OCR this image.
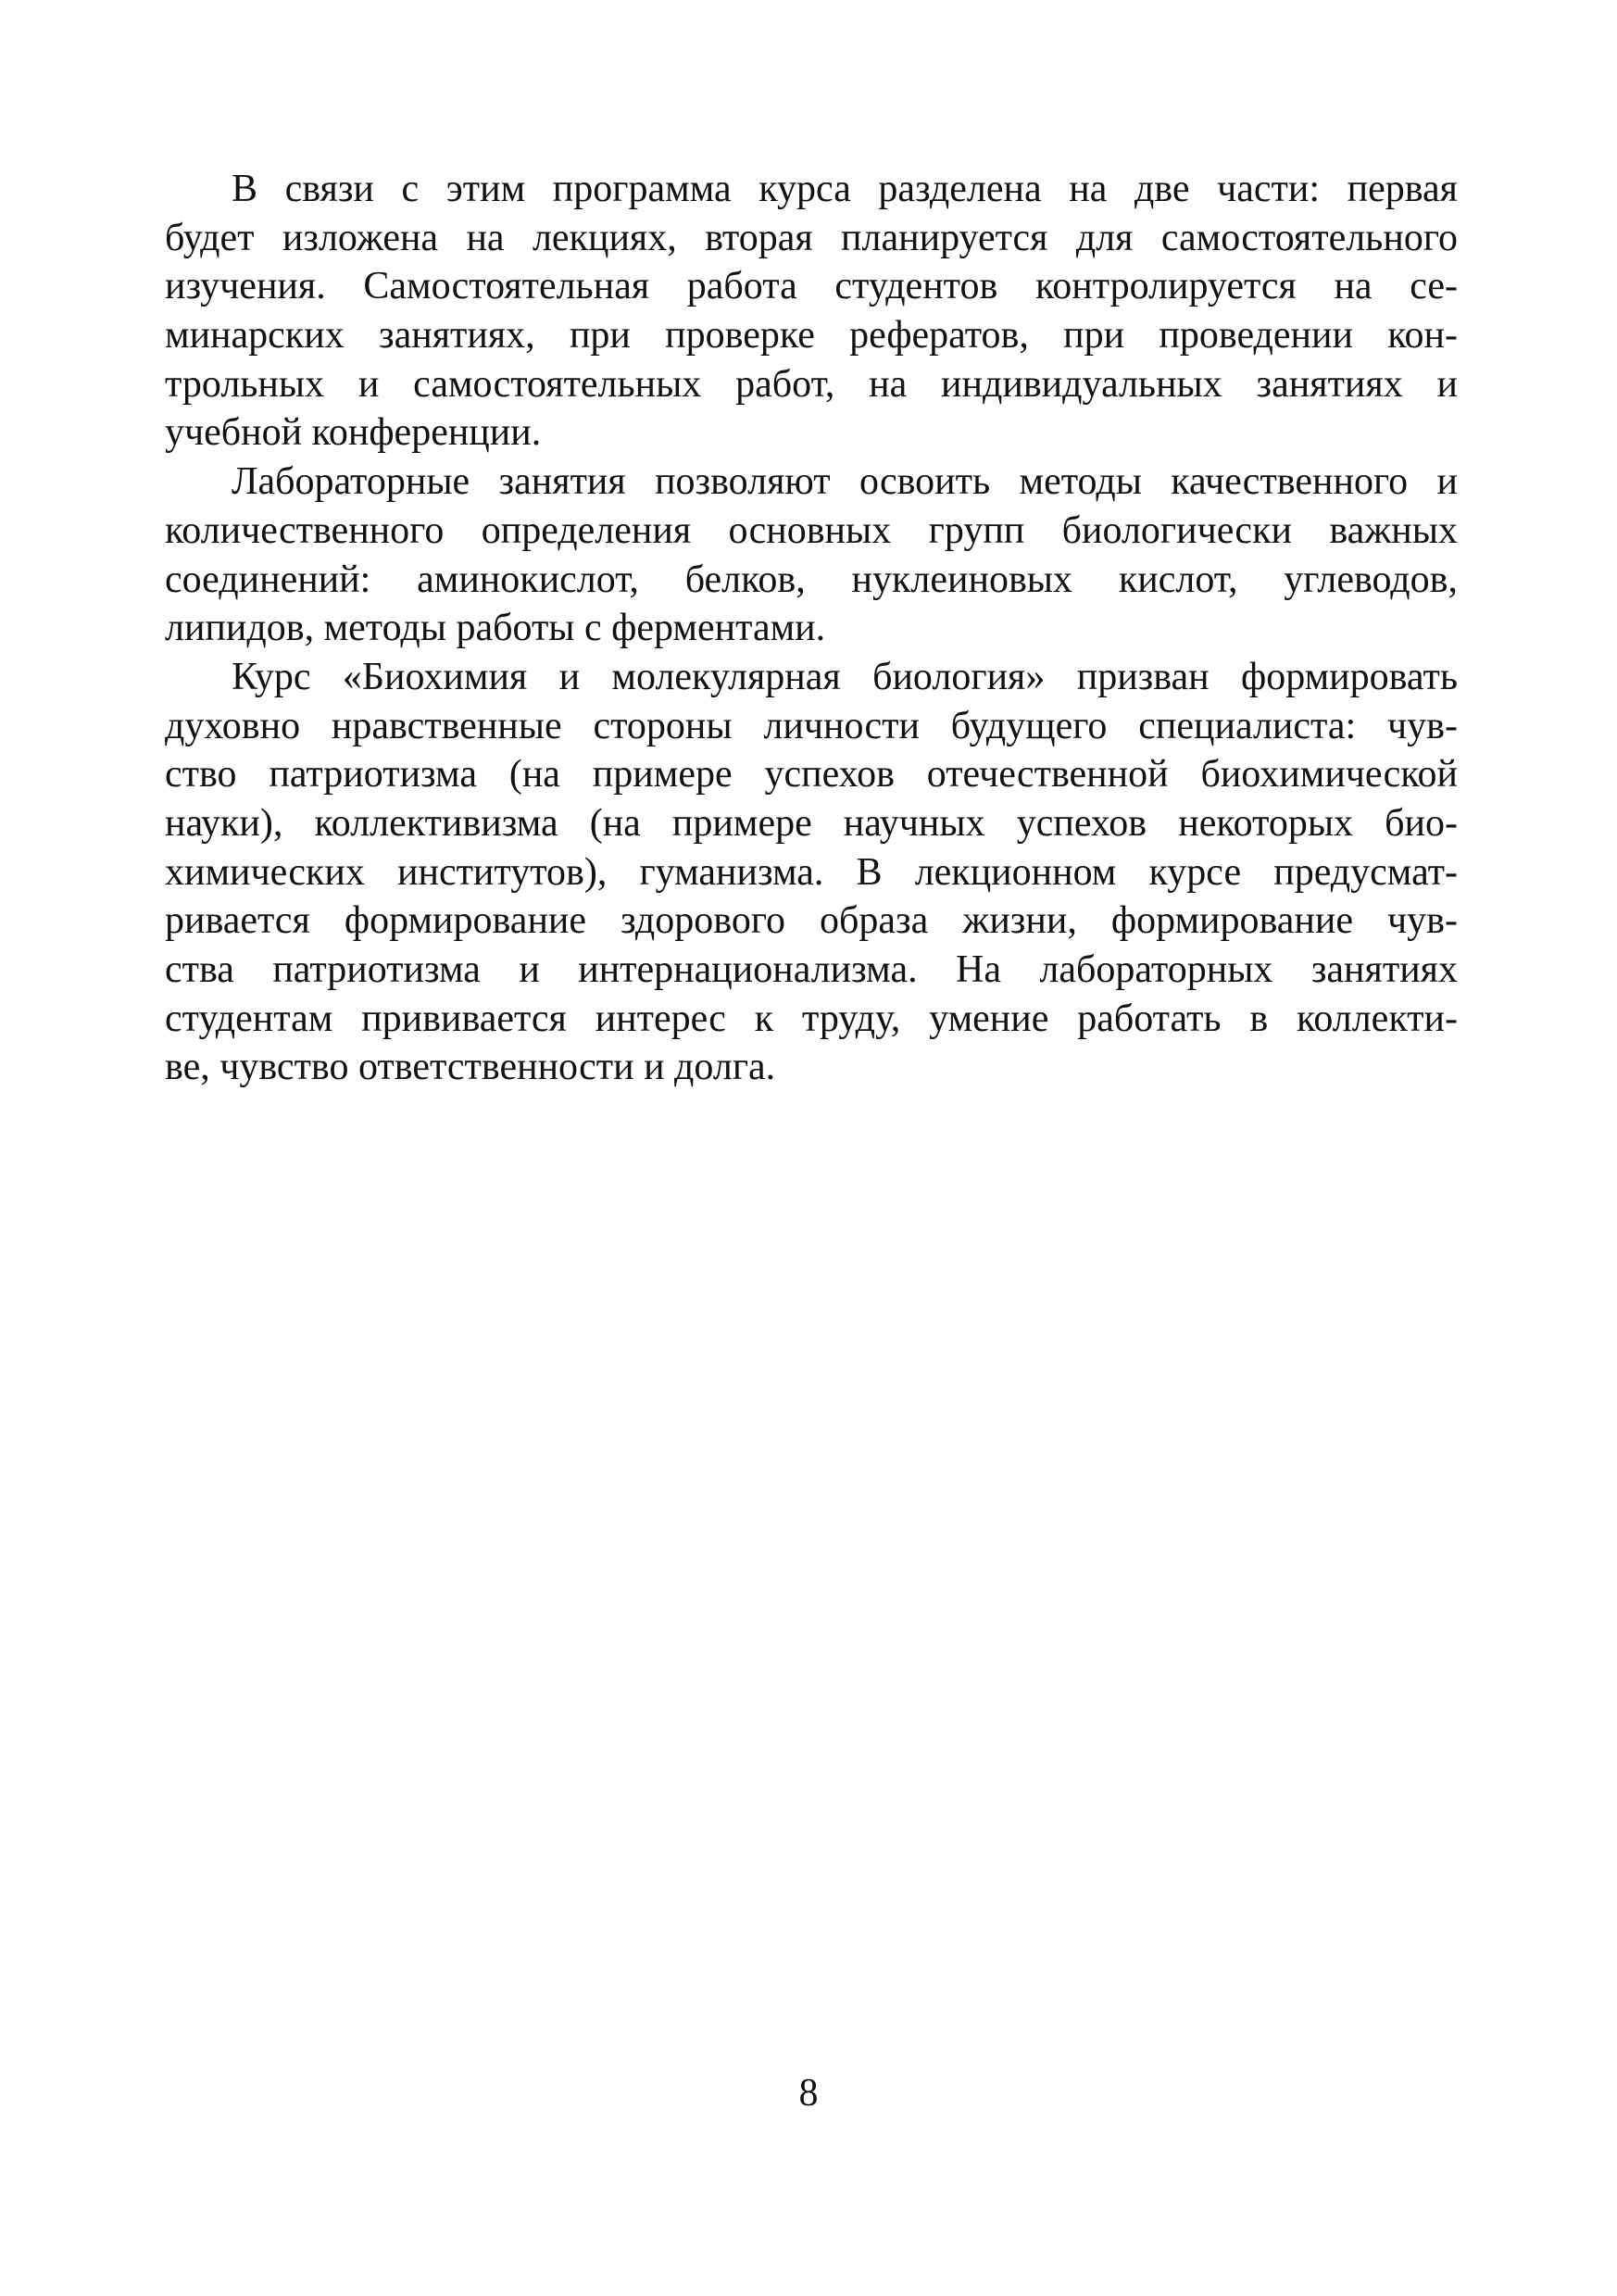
В связи с этим программа курса разделена на две части: первая
будет изложена на лекциях, вторая планируется для самостоятельного
изучения. Самостоятельная работа студентов контролируется на се-
минарских занятиях, при проверке рефератов, при проведении кон-
трольных и самостоятельных работ, на индивидуальных занятиях и
учебной конференции.
Лабораторные занятия позволяют освоить методы качественного и
количественного определения основных групп биологически важных
соединений: аминокислот, белков, нуклеиновых кислот, углеводов,
липидов, методы работы с ферментами.
Курс «Биохимия и молекулярная биология» призван формировать
духовно нравственные стороны личности будущего специалиста: чув-
ство патриотизма (на примере успехов отечественной биохимической
науки), коллективизма (на примере научных успехов некоторых био-
химических институтов), гуманизма. В лекционном курсе предусмат-
ривается формирование здорового образа жизни, формирование чув-
ства патриотизма и интернационализма. На лабораторных занятиях
студентам прививается интерес к труду, умение работать в коллекти-
ве, чувство ответственности и долга.
8
